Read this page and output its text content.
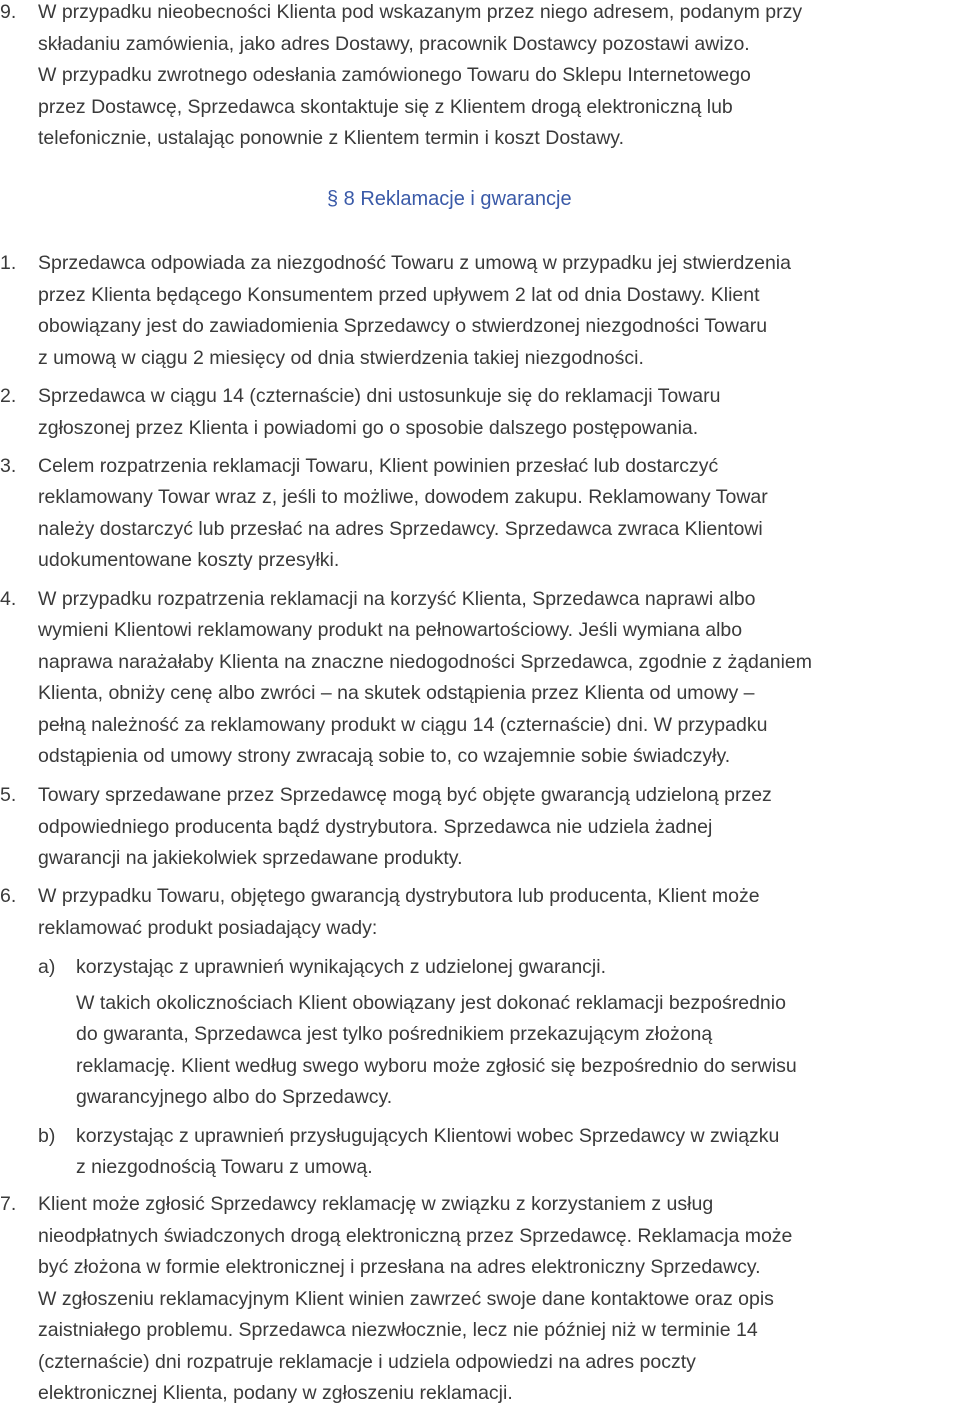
9. W przypadku nieobecności Klienta pod wskazanym przez niego adresem, podanym przy
składaniu zamówienia, jako adres Dostawy, pracownik Dostawcy pozostawi awizo.
W przypadku zwrotnego odesłania zamówionego Towaru do Sklepu Internetowego
przez Dostawcę, Sprzedawca skontaktuje się z Klientem drogą elektroniczną lub
telefonicznie, ustalając ponownie z Klientem termin i koszt Dostawy.
§ 8 Reklamacje i gwarancje
1. Sprzedawca odpowiada za niezgodność Towaru z umową w przypadku jej stwierdzenia
przez Klienta będącego Konsumentem przed upływem 2 lat od dnia Dostawy. Klient
obowiązany jest do zawiadomienia Sprzedawcy o stwierdzonej niezgodności Towaru
z umową w ciągu 2 miesięcy od dnia stwierdzenia takiej niezgodności.
2. Sprzedawca w ciągu 14 (czternaście) dni ustosunkuje się do reklamacji Towaru
zgłoszonej przez Klienta i powiadomi go o sposobie dalszego postępowania.
3. Celem rozpatrzenia reklamacji Towaru, Klient powinien przesłać lub dostarczyć
reklamowany Towar wraz z, jeśli to możliwe, dowodem zakupu. Reklamowany Towar
należy dostarczyć lub przesłać na adres Sprzedawcy. Sprzedawca zwraca Klientowi
udokumentowane koszty przesyłki.
4. W przypadku rozpatrzenia reklamacji na korzyść Klienta, Sprzedawca naprawi albo
wymieni Klientowi reklamowany produkt na pełnowartościowy. Jeśli wymiana albo
naprawa narażałaby Klienta na znaczne niedogodności Sprzedawca, zgodnie z żądaniem
Klienta, obniży cenę albo zwróci – na skutek odstąpienia przez Klienta od umowy –
pełną należność za reklamowany produkt w ciągu 14 (czternaście) dni. W przypadku
odstąpienia od umowy strony zwracają sobie to, co wzajemnie sobie świadczyły.
5. Towary sprzedawane przez Sprzedawcę mogą być objęte gwarancją udzieloną przez
odpowiedniego producenta bądź dystrybutora. Sprzedawca nie udziela żadnej
gwarancji na jakiekolwiek sprzedawane produkty.
6. W przypadku Towaru, objętego gwarancją dystrybutora lub producenta, Klient może
reklamować produkt posiadający wady:
a) korzystając z uprawnień wynikających z udzielonej gwarancji.
W takich okolicznościach Klient obowiązany jest dokonać reklamacji bezpośrednio
do gwaranta, Sprzedawca jest tylko pośrednikiem przekazującym złożoną
reklamację. Klient według swego wyboru może zgłosić się bezpośrednio do serwisu
gwarancyjnego albo do Sprzedawcy.
b) korzystając z uprawnień przysługujących Klientowi wobec Sprzedawcy w związku
z niezgodnością Towaru z umową.
7. Klient może zgłosić Sprzedawcy reklamację w związku z korzystaniem z usług
nieodpłatnych świadczonych drogą elektroniczną przez Sprzedawcę. Reklamacja może
być złożona w formie elektronicznej i przesłana na adres elektroniczny Sprzedawcy.
W zgłoszeniu reklamacyjnym Klient winien zawrzeć swoje dane kontaktowe oraz opis
zaistniałego problemu. Sprzedawca niezwłocznie, lecz nie później niż w terminie 14
(czternaście) dni rozpatruje reklamacje i udziela odpowiedzi na adres poczty
elektronicznej Klienta, podany w zgłoszeniu reklamacji.
